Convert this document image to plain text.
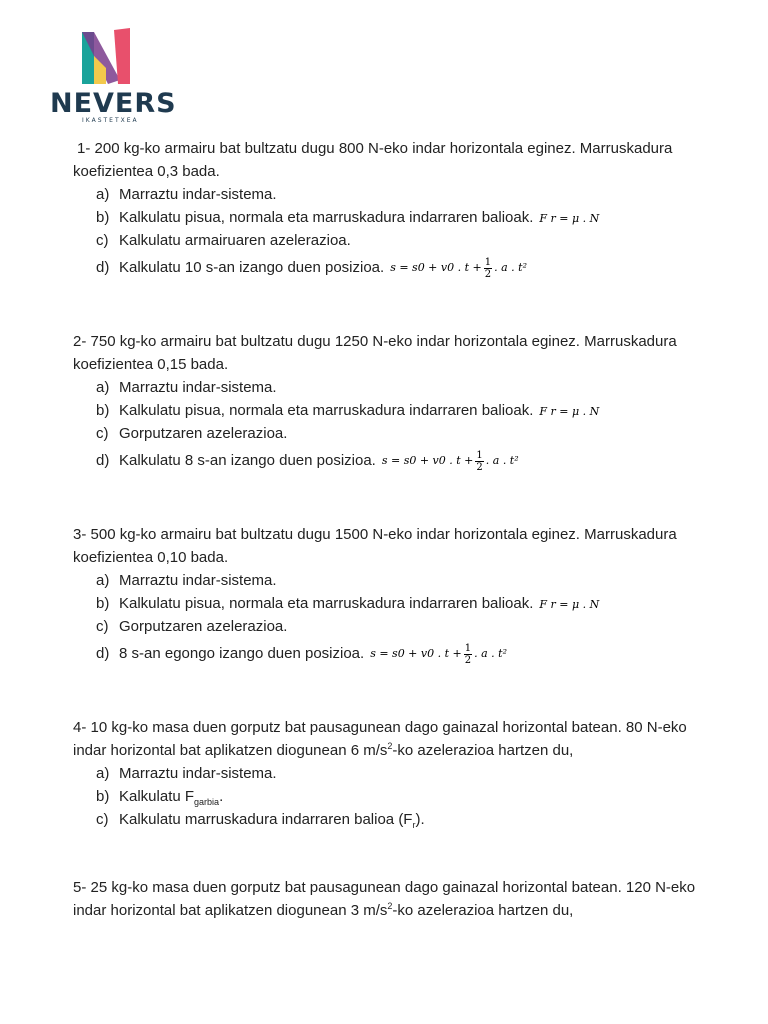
NEVERS
IKASTETXEA

1- 200 kg-ko armairu bat bultzatu dugu 800 N-eko indar horizontala eginez. Marruskadura koefizientea 0,3 bada.

a) Marraztu indar-sistema.
b) Kalkulatu pisua, normala eta marruskadura indarraren balioak. F r = μ . N
c) Kalkulatu armairuaren azelerazioa.
d) Kalkulatu 10 s-an izango duen posizioa. s = s0 + v0 . $t + \frac{1}{2}$ . a . t²

2- 750 kg-ko armairu bat bultzatu dugu 1250 N-eko indar horizontala eginez. Marruskadura koefizientea 0,15 bada.

a) Marraztu indar-sistema.
b) Kalkulatu pisua, normala eta marruskadura indarraren balioak. F r = μ . N
c) Gorputzaren azelerazioa.
d) Kalkulatu 8 s-an izango duen posizioa. s = s0 + v0 . $t + \frac{1}{2}$ . a . t²

3- 500 kg-ko armairu bat bultzatu dugu 1500 N-eko indar horizontala eginez. Marruskadura koefizientea 0,10 bada.

a) Marraztu indar-sistema.
b) Kalkulatu pisua, normala eta marruskadura indarraren balioak. F r = μ . N
c) Gorputzaren azelerazioa.
d) 8 s-an egongo izango duen posizioa. s = s0 + v0 . $t + \frac{1}{2}$ . a . t²

4- 10 kg-ko masa duen gorputz bat pausagunean dago gainazal horizontal batean. 80 N-eko indar horizontal bat aplikatzen diogunean 6 $m/s^2-ko$ azelerazioa hartzen du,

a) Marraztu indar-sistema.
b) Kalkulatu $F_{garbia}$.
c) Kalkulatu marruskadura indarraren balioa $(F_r)$.

5- 25 kg-ko masa duen gorputz bat pausagunean dago gainazal horizontal batean. 120 N-eko indar horizontal bat aplikatzen diogunean 3 $m/s^2-ko$ azelerazioa hartzen du,
